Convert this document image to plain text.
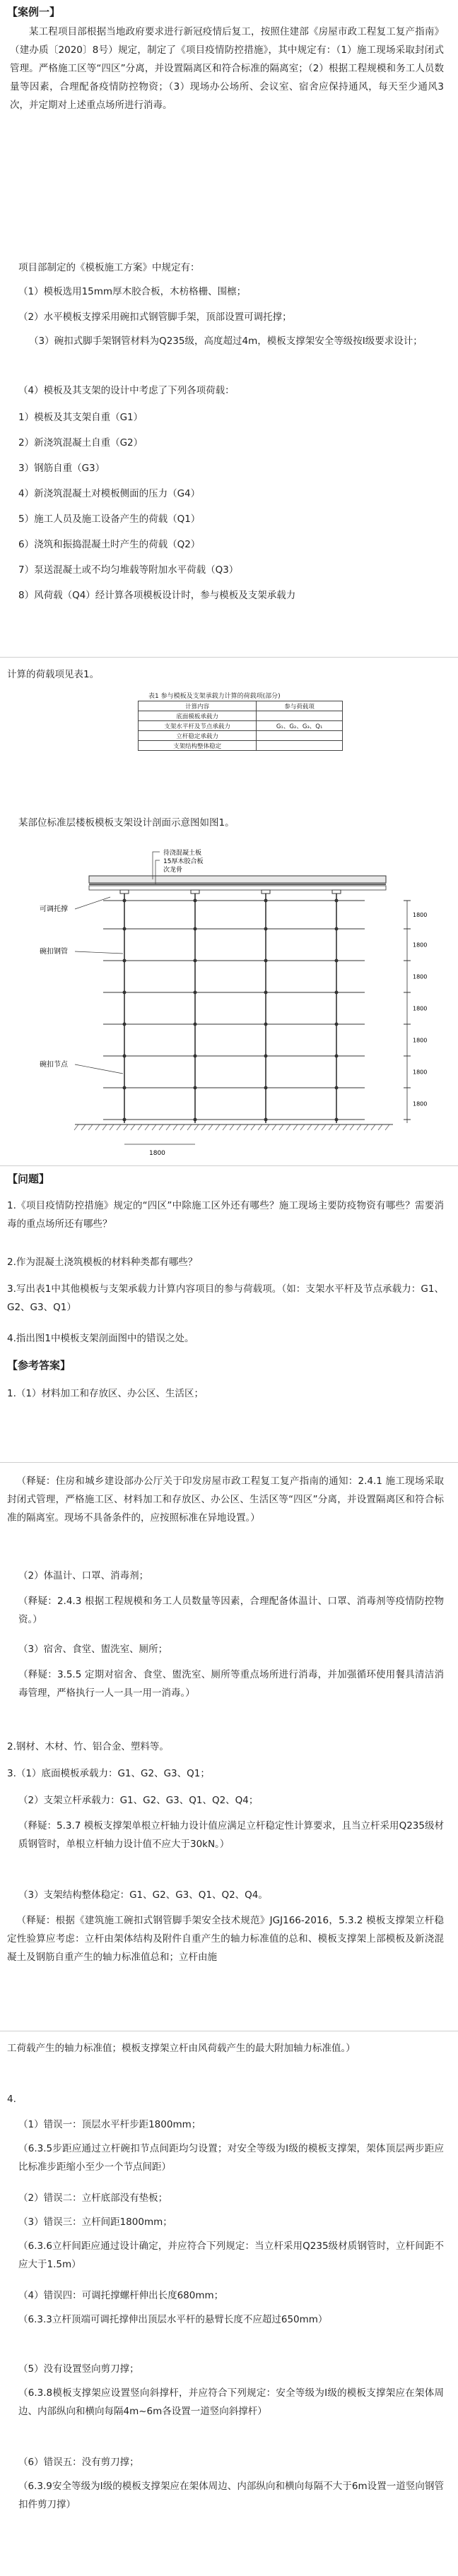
【案例一】
某工程项目部根据当地政府要求进行新冠疫情后复工，按照住建部《房屋市政工程复工复产指南》（建办质〔2020〕8号）规定，制定了《项目疫情防控措施》，其中规定有：（1）施工现场采取封闭式管理。严格施工区等“四区”分离，并设置隔离区和符合标准的隔离室；（2）根据工程规模和务工人员数量等因素，合理配备疫情防控物资；（3）现场办公场所、会议室、宿舍应保持通风，每天至少通风3次，并定期对上述重点场所进行消毒。
项目部制定的《模板施工方案》中规定有：
（1）模板选用15mm厚木胶合板，木枋格栅、围檩；
（2）水平模板支撑采用碗扣式钢管脚手架，顶部设置可调托撑；
（3）碗扣式脚手架钢管材料为Q235级，高度超过4m，模板支撑架安全等级按Ⅰ级要求设计；
（4）模板及其支架的设计中考虑了下列各项荷载：
1）模板及其支架自重（G1）
2）新浇筑混凝土自重（G2）
3）钢筋自重（G3）
4）新浇筑混凝土对模板侧面的压力（G4）
5）施工人员及施工设备产生的荷载（Q1）
6）浇筑和振捣混凝土时产生的荷载（Q2）
7）泵送混凝土或不均匀堆载等附加水平荷载（Q3）
8）风荷载（Q4）经计算各项模板设计时，参与模板及支架承载力
计算的荷载项见表1。
表1 参与模板及支架承载力计算的荷载项(部分)
计算内容	参与荷载项
底面模板承载力	
支架水平杆及节点承载力	G₁、G₂、G₃、Q₁
立杆稳定承载力	
支架结构整体稳定	
某部位标准层楼板模板支架设计剖面示意图如图1。
待浇混凝土板
15厚木胶合板
次龙骨
可调托撑
碗扣钢管
碗扣节点
1800
1800
1800
1800
1800
1800
1800
1800
【问题】
1.《项目疫情防控措施》规定的“四区”中除施工区外还有哪些？施工现场主要防疫物资有哪些？需要消毒的重点场所还有哪些？
2.作为混凝土浇筑模板的材料种类都有哪些？
3.写出表1中其他模板与支架承载力计算内容项目的参与荷载项。（如：支架水平杆及节点承载力：G1、G2、G3、Q1）
4.指出图1中模板支架剖面图中的错误之处。
【参考答案】
1.（1）材料加工和存放区、办公区、生活区；
（释疑：住房和城乡建设部办公厅关于印发房屋市政工程复工复产指南的通知：2.4.1 施工现场采取封闭式管理，严格施工区、材料加工和存放区、办公区、生活区等“四区”分离，并设置隔离区和符合标准的隔离室。现场不具备条件的，应按照标准在异地设置。）
（2）体温计、口罩、消毒剂；
（释疑：2.4.3 根据工程规模和务工人员数量等因素，合理配备体温计、口罩、消毒剂等疫情防控物资。）
（3）宿舍、食堂、盥洗室、厕所；
（释疑：3.5.5 定期对宿舍、食堂、盥洗室、厕所等重点场所进行消毒，并加强循环使用餐具清洁消毒管理，严格执行一人一具一用一消毒。）
2.钢材、木材、竹、铝合金、塑料等。
3.（1）底面模板承载力：G1、G2、G3、Q1；
（2）支架立杆承载力：G1、G2、G3、Q1、Q2、Q4；
（释疑：5.3.7 模板支撑架单根立杆轴力设计值应满足立杆稳定性计算要求，且当立杆采用Q235级材质钢管时，单根立杆轴力设计值不应大于30kN。）
（3）支架结构整体稳定：G1、G2、G3、Q1、Q2、Q4。
（释疑：根据《建筑施工碗扣式钢管脚手架安全技术规范》JGJ166-2016，5.3.2 模板支撑架立杆稳定性验算应考虑：立杆由架体结构及附件自重产生的轴力标准值的总和、模板支撑架上部模板及新浇混凝土及钢筋自重产生的轴力标准值总和；立杆由施
工荷载产生的轴力标准值；模板支撑架立杆由风荷载产生的最大附加轴力标准值。）
4.
（1）错误一：顶层水平杆步距1800mm；
（6.3.5步距应通过立杆碗扣节点间距均匀设置；对安全等级为Ⅰ级的模板支撑架，架体顶层两步距应比标准步距缩小至少一个节点间距）
（2）错误二：立杆底部没有垫板；
（3）错误三：立杆间距1800mm；
（6.3.6立杆间距应通过设计确定，并应符合下列规定：当立杆采用Q235级材质钢管时，立杆间距不应大于1.5m）
（4）错误四：可调托撑螺杆伸出长度680mm；
（6.3.3立杆顶端可调托撑伸出顶层水平杆的悬臂长度不应超过650mm）
（5）没有设置竖向剪刀撑；
（6.3.8模板支撑架应设置竖向斜撑杆，并应符合下列规定：安全等级为Ⅰ级的模板支撑架应在架体周边、内部纵向和横向每隔4m~6m各设置一道竖向斜撑杆）
（6）错误五：没有剪刀撑；
（6.3.9安全等级为Ⅰ级的模板支撑架应在架体周边、内部纵向和横向每隔不大于6m设置一道竖向钢管扣件剪刀撑）
